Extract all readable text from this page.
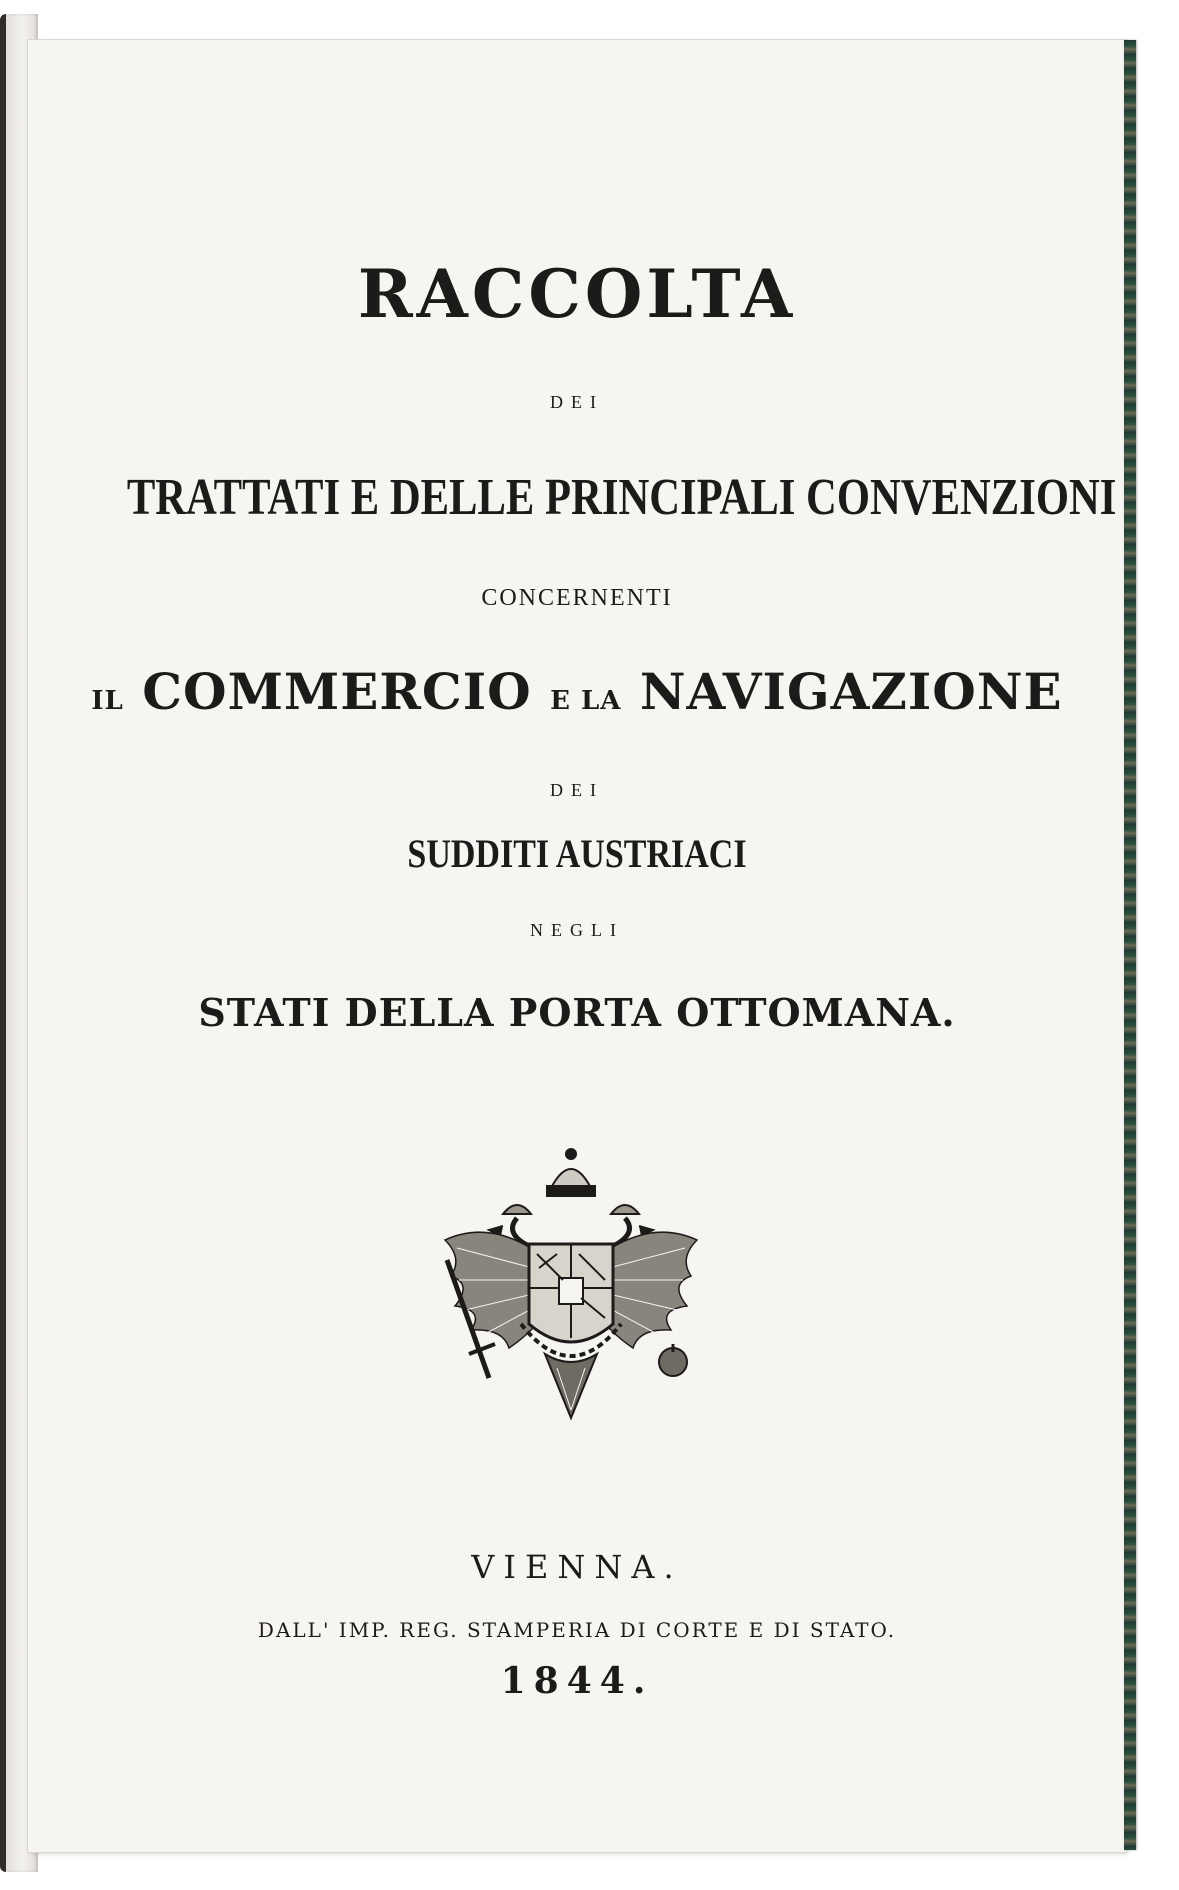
RACCOLTA
DEI
TRATTATI E DELLE PRINCIPALI CONVENZIONI
CONCERNENTI
IL COMMERCIO E LA NAVIGAZIONE
DEI
SUDDITI AUSTRIACI
NEGLI
STATI DELLA PORTA OTTOMANA.
VIENNA.
DALL' IMP. REG. STAMPERIA DI CORTE E DI STATO.
1844.
